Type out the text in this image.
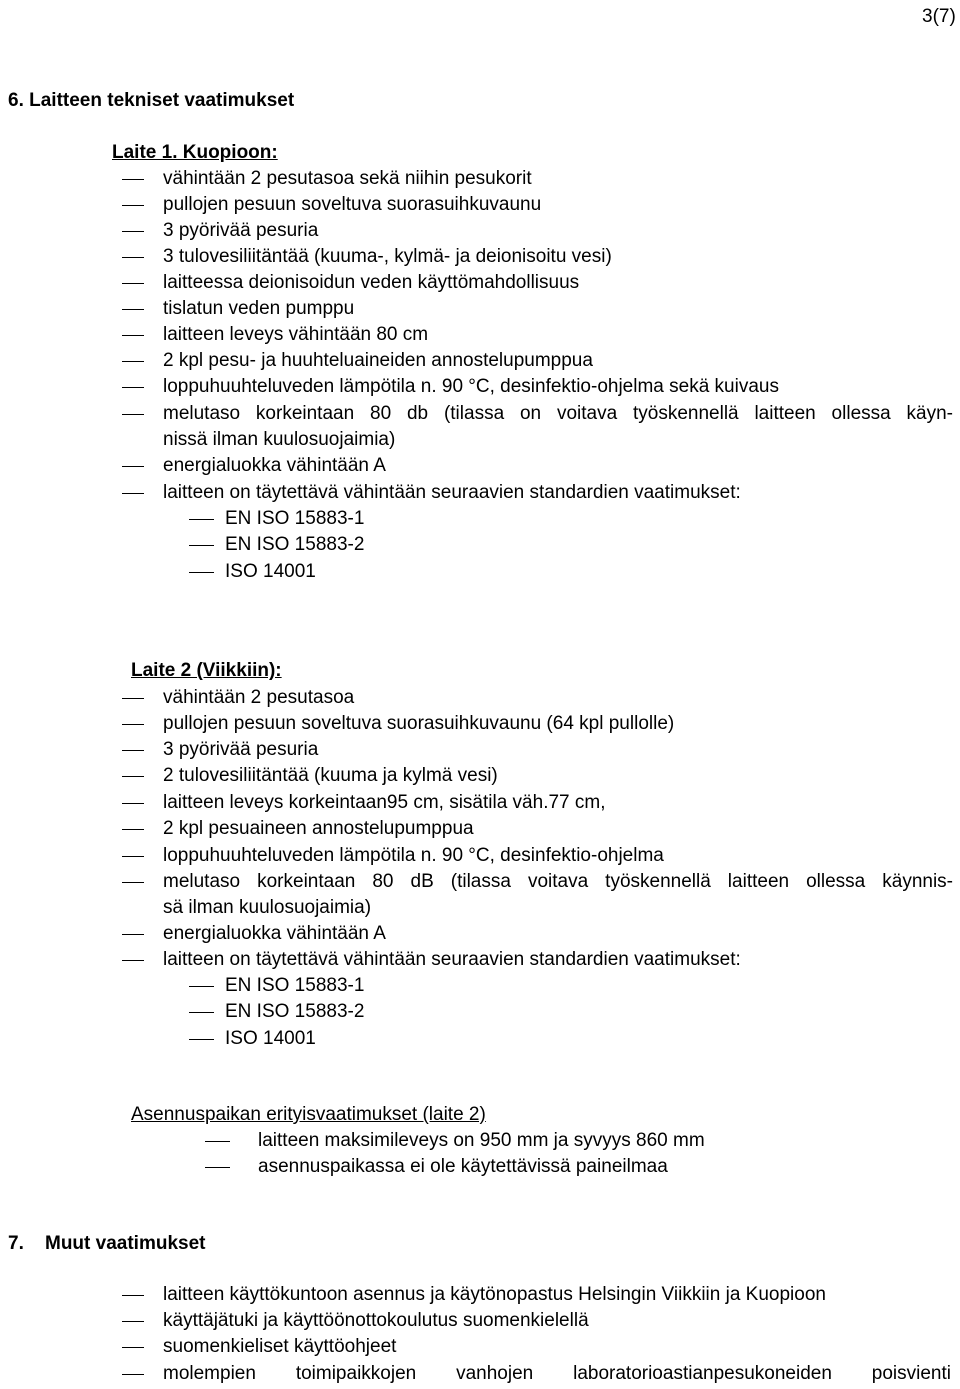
3(7)
6. Laitteen tekniset vaatimukset
Laite 1. Kuopioon:
vähintään 2 pesutasoa sekä niihin pesukorit
pullojen pesuun soveltuva suorasuihkuvaunu
3 pyörivää pesuria
3 tulovesiliitäntää (kuuma-, kylmä- ja deionisoitu vesi)
laitteessa deionisoidun veden käyttömahdollisuus
tislatun veden pumppu
laitteen leveys vähintään 80 cm
2 kpl pesu- ja huuhteluaineiden annostelupumppua
loppuhuuhteluveden lämpötila n. 90 °C, desinfektio-ohjelma sekä kuivaus
melutaso korkeintaan 80 db (tilassa on voitava työskennellä laitteen ollessa käyn-
nissä ilman kuulosuojaimia)
energialuokka vähintään A
laitteen on täytettävä vähintään seuraavien standardien vaatimukset:
EN ISO 15883-1
EN ISO 15883-2
ISO 14001
Laite 2 (Viikkiin):
vähintään 2 pesutasoa
pullojen pesuun soveltuva suorasuihkuvaunu (64 kpl pullolle)
3 pyörivää pesuria
2 tulovesiliitäntää (kuuma ja kylmä vesi)
laitteen leveys korkeintaan95 cm, sisätila väh.77 cm,
2 kpl pesuaineen annostelupumppua
loppuhuuhteluveden lämpötila n. 90 °C, desinfektio-ohjelma
melutaso korkeintaan 80 dB (tilassa voitava työskennellä laitteen ollessa käynnis-
sä ilman kuulosuojaimia)
energialuokka vähintään A
laitteen on täytettävä vähintään seuraavien standardien vaatimukset:
EN ISO 15883-1
EN ISO 15883-2
ISO 14001
Asennuspaikan erityisvaatimukset (laite 2)
laitteen maksimileveys on 950 mm ja syvyys 860 mm
asennuspaikassa ei ole käytettävissä paineilmaa
7. Muut vaatimukset
laitteen käyttökuntoon asennus ja käytönopastus Helsingin Viikkiin ja Kuopioon
käyttäjätuki ja käyttöönottokoulutus suomenkielellä
suomenkieliset käyttöohjeet
molempien toimipaikkojen vanhojen laboratorioastianpesukoneiden poisvienti
